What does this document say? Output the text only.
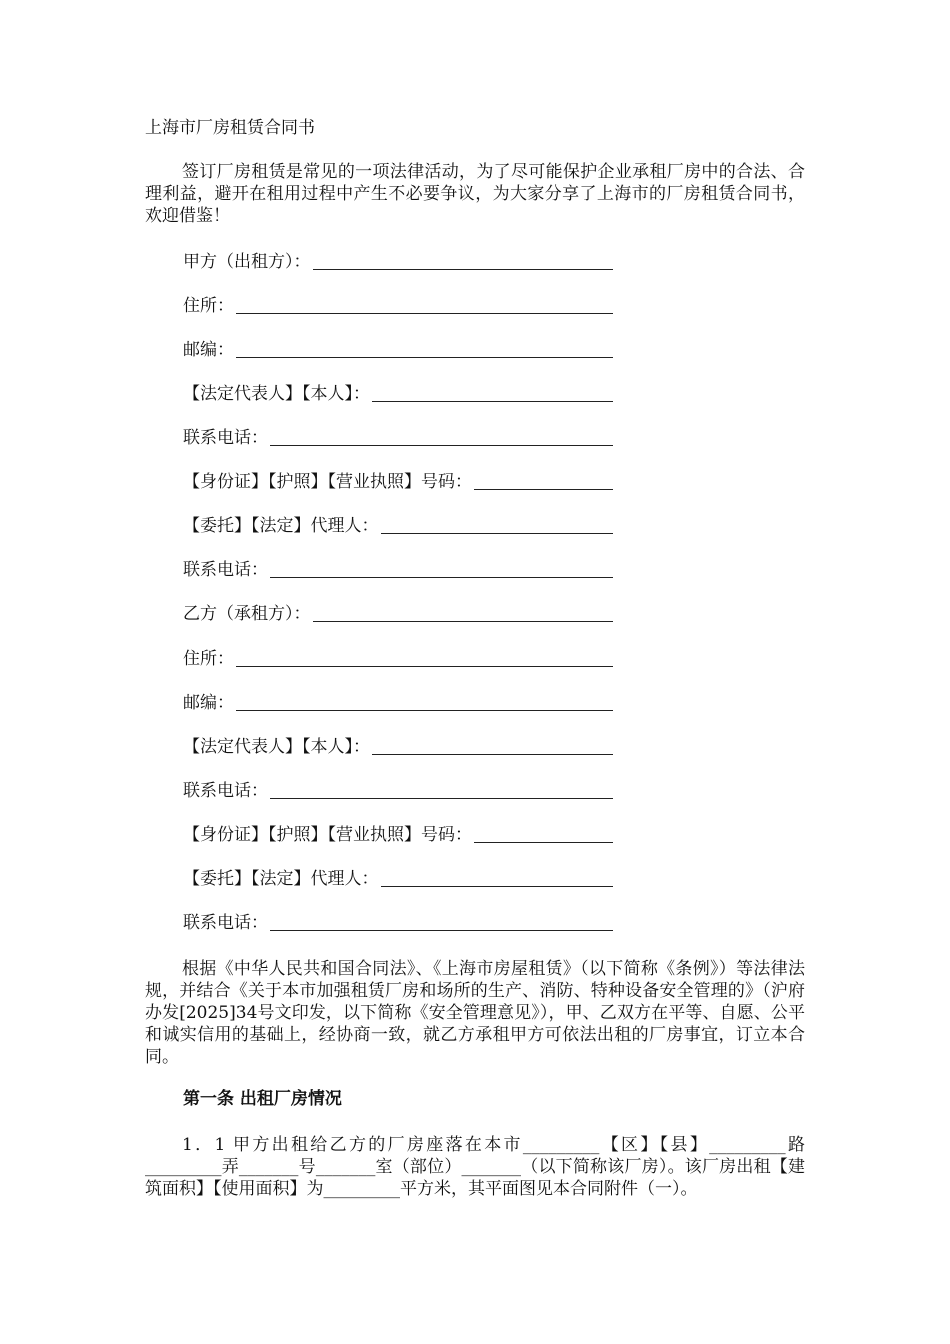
上海市厂房租赁合同书

签订厂房租赁是常见的一项法律活动，为了尽可能保护企业承租厂房中的合法、合理利益，避开在租用过程中产生不必要争议，为大家分享了上海市的厂房租赁合同书，欢迎借鉴！

甲方（出租方）：
住所：
邮编：
【法定代表人】【本人】：
联系电话：
【身份证】【护照】【营业执照】号码：
【委托】【法定】代理人：
联系电话：
乙方（承租方）：
住所：
邮编：
【法定代表人】【本人】：
联系电话：
【身份证】【护照】【营业执照】号码：
【委托】【法定】代理人：
联系电话：

根据《中华人民共和国合同法》、《上海市房屋租赁》（以下简称《条例》）等法律法规，并结合《关于本市加强租赁厂房和场所的生产、消防、特种设备安全管理的》（沪府办发[2025]34号文印发，以下简称《安全管理意见》），甲、乙双方在平等、自愿、公平和诚实信用的基础上，经协商一致，就乙方承租甲方可依法出租的厂房事宜，订立本合同。

第一条 出租厂房情况

1．1 甲方出租给乙方的厂房座落在本市_________【区】【县】_________路_________弄_______号_______室（部位）_______（以下简称该厂房）。该厂房出租【建筑面积】【使用面积】为_________平方米，其平面图见本合同附件（一）。
